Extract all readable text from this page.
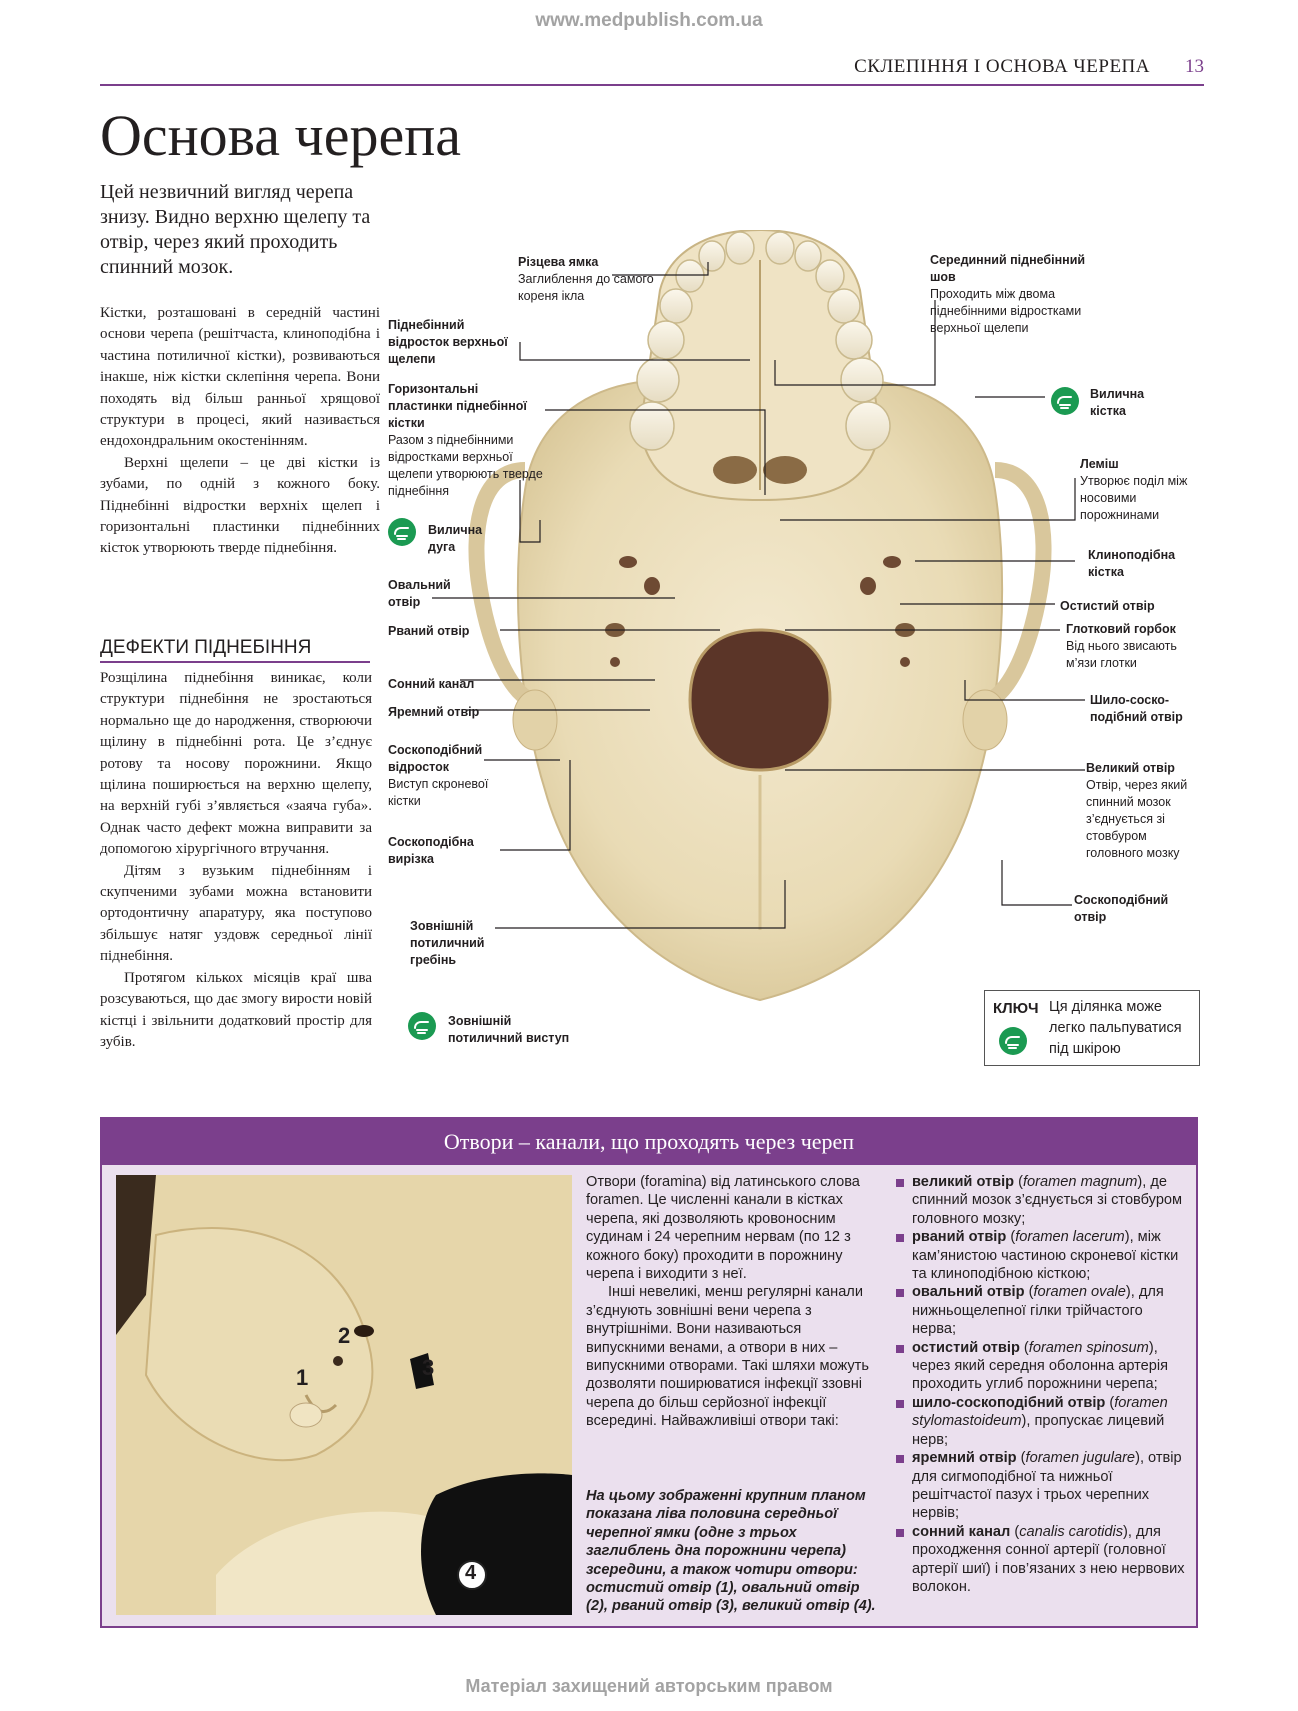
www.medpublish.com.ua
СКЛЕПІННЯ І ОСНОВА ЧЕРЕПА 13
Основа черепа
Цей незвичний вигляд черепа знизу. Видно верхню щелепу та отвір, через який проходить спинний мозок.

Кістки, розташовані в середній частині основи черепа (решітчаста, клиноподібна і частина потиличної кістки), розвиваються інакше, ніж кістки склепіння черепа. Вони походять від більш ранньої хрящової структури в процесі, який називається ендохондральним окостенінням.

Верхні щелепи – це дві кістки із зубами, по одній з кожного боку. Піднебінні відростки верхніх щелеп і горизонтальні пластинки піднебінних кісток утворюють тверде піднебіння.

ДЕФЕКТИ ПІДНЕБІННЯ

Розщілина піднебіння виникає, коли структури піднебіння не зростаються нормально ще до народження, створюючи щілину в піднебінні рота. Це з’єднує ротову та носову порожнини. Якщо щілина поширюється на верхню щелепу, на верхній губі з’являється «заяча губа». Однак часто дефект можна виправити за допомогою хірургічного втручання.

Дітям з вузьким піднебінням і скупченими зубами можна встановити ортодонтичну апаратуру, яка поступово збільшує натяг уздовж середньої лінії піднебіння.

Протягом кількох місяців краї шва розсуваються, що дає змогу вирости новій кістці і звільнити додатковий простір для зубів.

Різцева ямка
Заглиблення до самого кореня ікла
Серединний піднебінний шов
Проходить між двома піднебінними відростками верхньої щелепи
Піднебінний відросток верхньої щелепи
Горизонтальні пластинки піднебінної кістки
Разом з піднебінними відростками верхньої щелепи утворюють тверде піднебіння
Вилична кістка
Леміш
Утворює поділ між носовими порожнинами
Вилична дуга
Клиноподібна кістка
Овальний отвір	Остистий отвір
Рваний отвір	Глотковий горбок
Від нього звисають м’язи глотки
Сонний канал
Шило-соско- подібний отвір
Яремний отвір
Великий отвір
Отвір, через який спинний мозок з’єднується зі стовбуром головного мозку
Соскоподібний відросток
Виступ скроневої кістки
Соскоподібна вирізка
Соскоподібний отвір
Зовнішній потиличний гребінь
Зовнішній потиличний виступ
КЛЮЧ Ця ділянка може легко пальпуватися під шкірою
Отвори – канали, що проходять через череп
1
2
3
4

Отвори (foramina) від латинського слова foramen. Це численні канали в кістках черепа, які дозволяють кровоносним судинам і 24 черепним нервам (по 12 з кожного боку) проходити в порожнину черепа і виходити з неї.

Інші невеликі, менш регулярні канали з’єднують зовнішні вени черепа з внутрішніми. Вони називаються випускними венами, а отвори в них – випускними отворами. Такі шляхи можуть дозволяти поширюватися інфекції ззовні черепа до більш серйозної інфекції всередині. Найважливіші отвори такі:

На цьому зображенні крупним планом показана ліва половина середньої черепної ямки (одне з трьох заглиблень дна порожнини черепа) зсередини, а також чотири отвори: остистий отвір (1), овальний отвір (2), рваний отвір (3), великий отвір (4).
великий отвір (foramen magnum), де спинний мозок з’єднується зі стовбуром головного мозку;
рваний отвір (foramen lacerum), між кам’янистою частиною скроневої кістки та клиноподібною кісткою;
овальний отвір (foramen ovale), для нижньощелепної гілки трійчастого нерва;
остистий отвір (foramen spinosum), через який середня оболонна артерія проходить углиб порожнини черепа;
шило-соскоподібний отвір (foramen stylomastoideum), пропускає лицевий нерв;
яремний отвір (foramen jugulare), отвір для сигмоподібної та нижньої решітчастої пазух і трьох черепних нервів;
сонний канал (canalis carotidis), для проходження сонної артерії (головної артерії шиї) і пов’язаних з нею нервових волокон.
Матеріал захищений авторським правом
